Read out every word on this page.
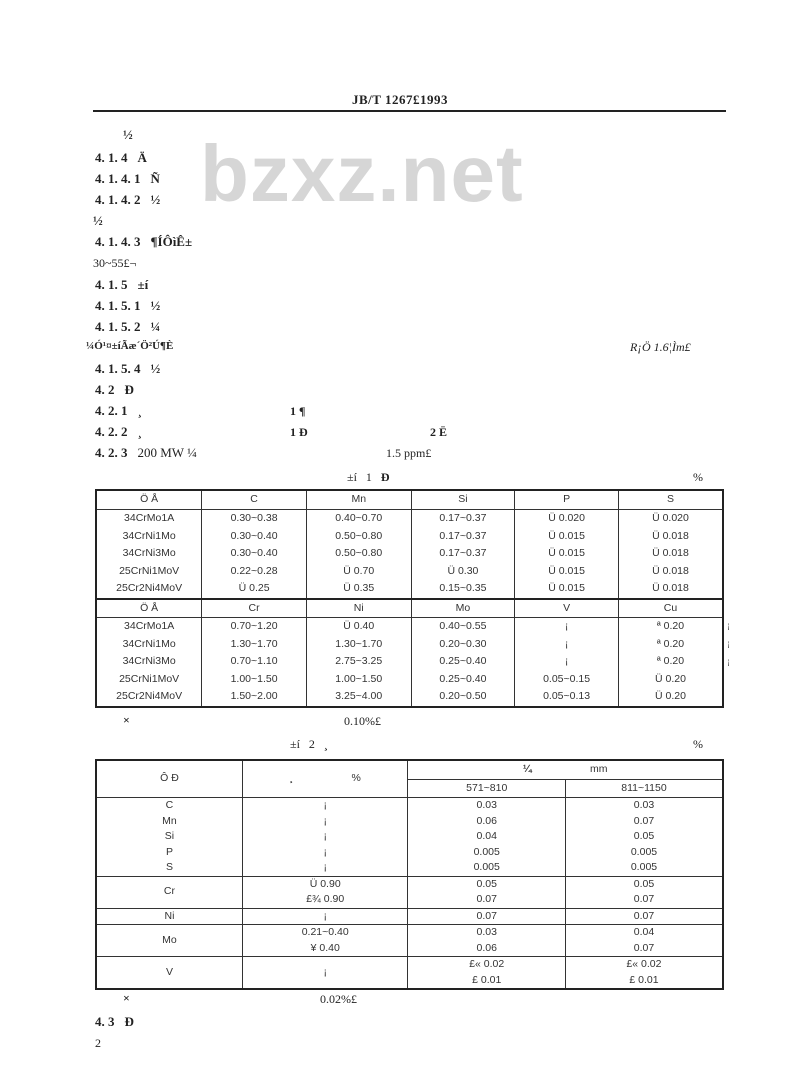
JB/T 1267£1993
bzxz.net
½
4. 1. 4 Ä
4. 1. 4. 1 Ñ
4. 1. 4. 2 ½
½
4. 1. 4. 3 ¶ÍÔìÊ±
30~55£¬
4. 1. 5 ±í
4. 1. 5. 1 ½
4. 1. 5. 2 ¼
¼Ó¹¤±íÃæ´Ö²Ú¶È	R¡Ö 1.6¦Ìm£
4. 1. 5. 4 ½
4. 2 Ð
4. 2. 1 ¸	1 ¶
4. 2. 2 ¸	1 Ð	2 Ë
4. 2. 3 200 MW ¼	1.5 ppm£
±í 1 Ð	%
Ö Å	C	Mn	Si	P	S
34CrMo1A	0.30~0.38	0.40~0.70	0.17~0.37	Ü 0.020	Ü 0.020
34CrNi1Mo	0.30~0.40	0.50~0.80	0.17~0.37	Ü 0.015	Ü 0.018
34CrNi3Mo	0.30~0.40	0.50~0.80	0.17~0.37	Ü 0.015	Ü 0.018
25CrNi1MoV	0.22~0.28	Ü 0.70	Ü 0.30	Ü 0.015	Ü 0.018
25Cr2Ni4MoV	Ü 0.25	Ü 0.35	0.15~0.35	Ü 0.015	Ü 0.018
Ö Å	Cr	Ni	Mo	V	Cu
34CrMo1A	0.70~1.20	Ü 0.40	0.40~0.55	¡	ª 0.20
34CrNi1Mo	1.30~1.70	1.30~1.70	0.20~0.30	¡	ª 0.20
34CrNi3Mo	0.70~1.10	2.75~3.25	0.25~0.40	¡	ª 0.20
25CrNi1MoV	1.00~1.50	1.00~1.50	0.25~0.40	0.05~0.15	Ü 0.20
25Cr2Ni4MoV	1.50~2.00	3.25~4.00	0.20~0.50	0.05~0.13	Ü 0.20
¡
¡
¡
×	0.10%£
±í 2 ¸	%
Ô Ð	¸ %	¼ mm	
		571~810	811~1150
C	¡	0.03	0.03
Mn	¡	0.06	0.07
Si	¡	0.04	0.05
P	¡	0.005	0.005
S	¡	0.005	0.005
Cr	Ü 0.90	0.05	0.05
	£¾ 0.90	0.07	0.07
Ni	¡	0.07	0.07
Mo	0.21~0.40	0.03	0.04
	¥ 0.40	0.06	0.07
V	¡	£« 0.02	£« 0.02
		£ 0.01	£ 0.01
×	0.02%£
4. 3 Ð
2
